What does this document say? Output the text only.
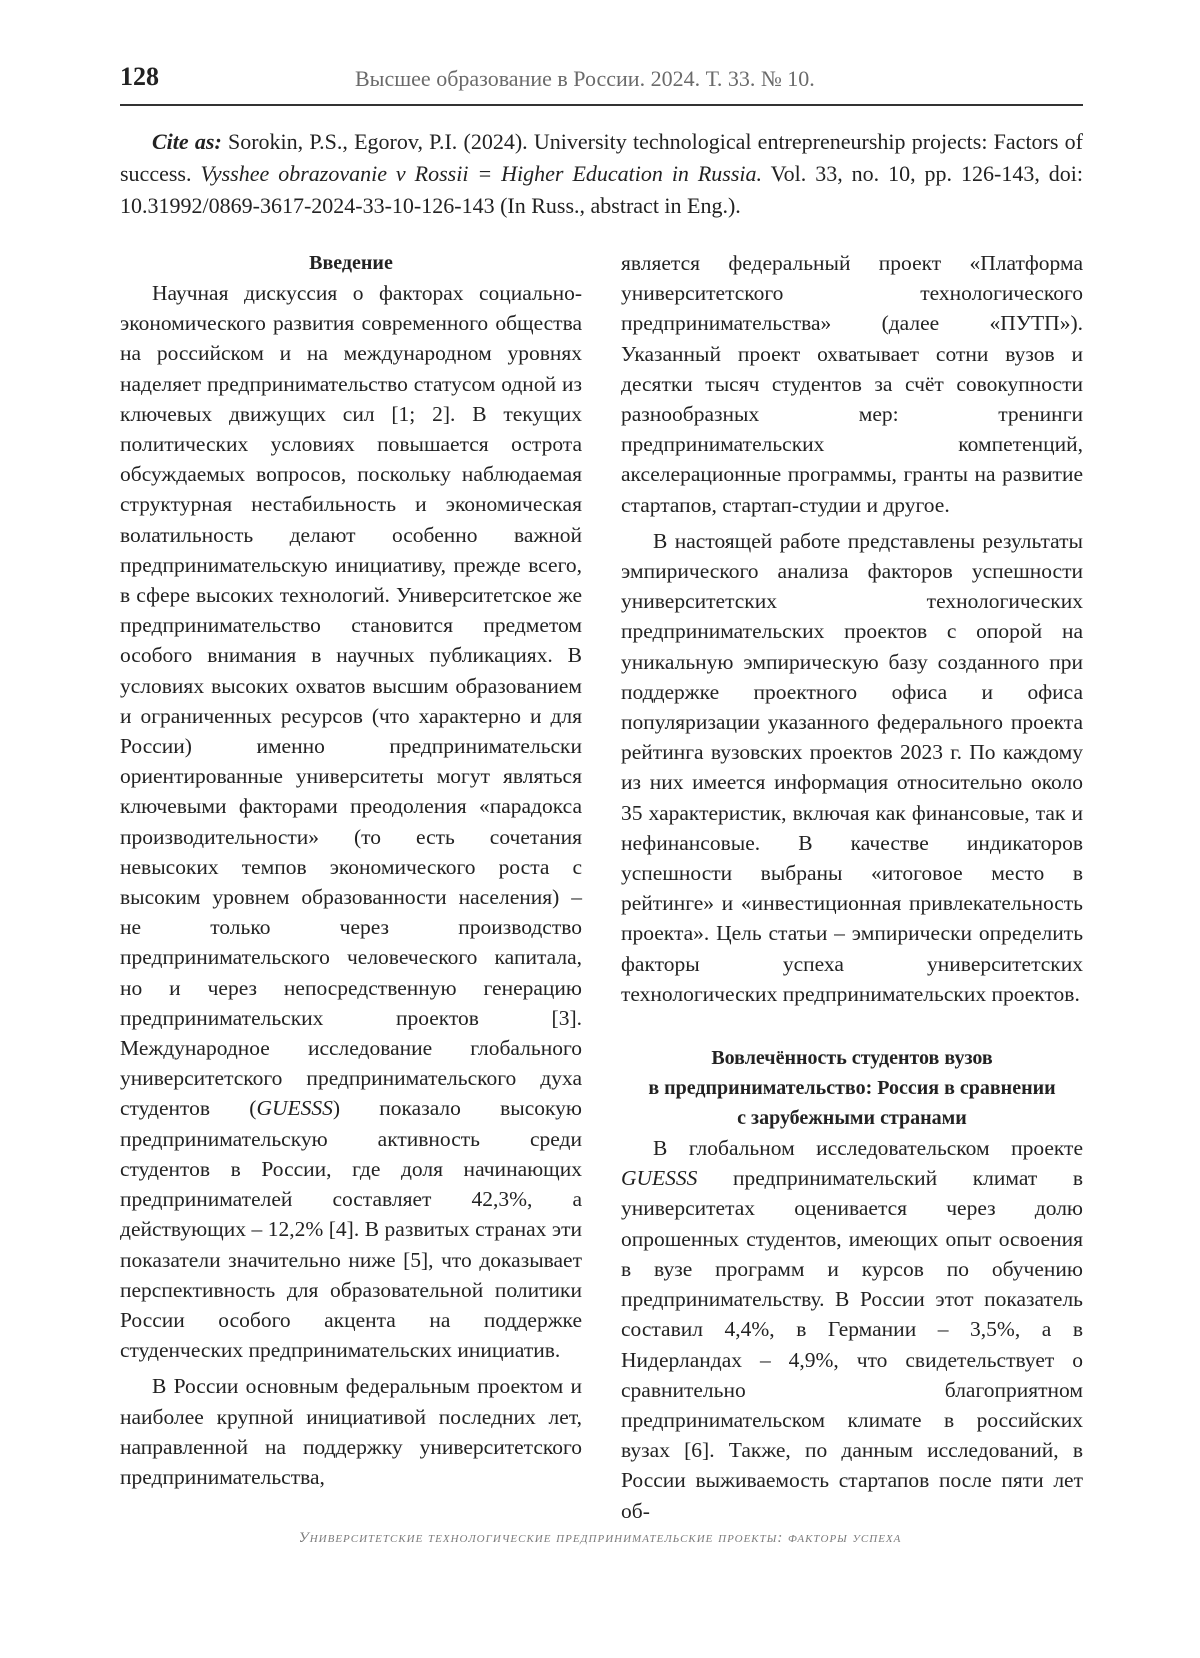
128	Высшее образование в России. 2024. Т. 33. № 10.
Cite as: Sorokin, P.S., Egorov, P.I. (2024). University technological entrepreneurship projects: Factors of success. Vysshee obrazovanie v Rossii = Higher Education in Russia. Vol. 33, no. 10, pp. 126-143, doi: 10.31992/0869-3617-2024-33-10-126-143 (In Russ., abstract in Eng.).
Введение

Научная дискуссия о факторах социально-экономического развития современного общества на российском и на международном уровнях наделяет предпринимательство статусом одной из ключевых движущих сил [1; 2]. В текущих политических условиях повышается острота обсуждаемых вопросов, поскольку наблюдаемая структурная нестабильность и экономическая волатильность делают особенно важной предпринимательскую инициативу, прежде всего, в сфере высоких технологий. Университетское же предпринимательство становится предметом особого внимания в научных публикациях. В условиях высоких охватов высшим образованием и ограниченных ресурсов (что характерно и для России) именно предпринимательски ориентированные университеты могут являться ключевыми факторами преодоления «парадокса производительности» (то есть сочетания невысоких темпов экономического роста с высоким уровнем образованности населения) – не только через производство предпринимательского человеческого капитала, но и через непосредственную генерацию предпринимательских проектов [3]. Международное исследование глобального университетского предпринимательского духа студентов (GUESSS) показало высокую предпринимательскую активность среди студентов в России, где доля начинающих предпринимателей составляет 42,3%, а действующих – 12,2% [4]. В развитых странах эти показатели значительно ниже [5], что доказывает перспективность для образовательной политики России особого акцента на поддержке студенческих предпринимательских инициатив.

В России основным федеральным проектом и наиболее крупной инициативой последних лет, направленной на поддержку университетского предпринимательства,

является федеральный проект «Платформа университетского технологического предпринимательства» (далее «ПУТП»). Указанный проект охватывает сотни вузов и десятки тысяч студентов за счёт совокупности разнообразных мер: тренинги предпринимательских компетенций, акселерационные программы, гранты на развитие стартапов, стартап-студии и другое.

В настоящей работе представлены результаты эмпирического анализа факторов успешности университетских технологических предпринимательских проектов с опорой на уникальную эмпирическую базу созданного при поддержке проектного офиса и офиса популяризации указанного федерального проекта рейтинга вузовских проектов 2023 г. По каждому из них имеется информация относительно около 35 характеристик, включая как финансовые, так и нефинансовые. В качестве индикаторов успешности выбраны «итоговое место в рейтинге» и «инвестиционная привлекательность проекта». Цель статьи – эмпирически определить факторы успеха университетских технологических предпринимательских проектов.

Вовлечённость студентов вузов
в предпринимательство: Россия в сравнении
с зарубежными странами

В глобальном исследовательском проекте GUESSS предпринимательский климат в университетах оценивается через долю опрошенных студентов, имеющих опыт освоения в вузе программ и курсов по обучению предпринимательству. В России этот показатель составил 4,4%, в Германии – 3,5%, а в Нидерландах – 4,9%, что свидетельствует о сравнительно благоприятном предпринимательском климате в российских вузах [6]. Также, по данным исследований, в России выживаемость стартапов после пяти лет об-

Университетские технологические предпринимательские проекты: факторы успеха
